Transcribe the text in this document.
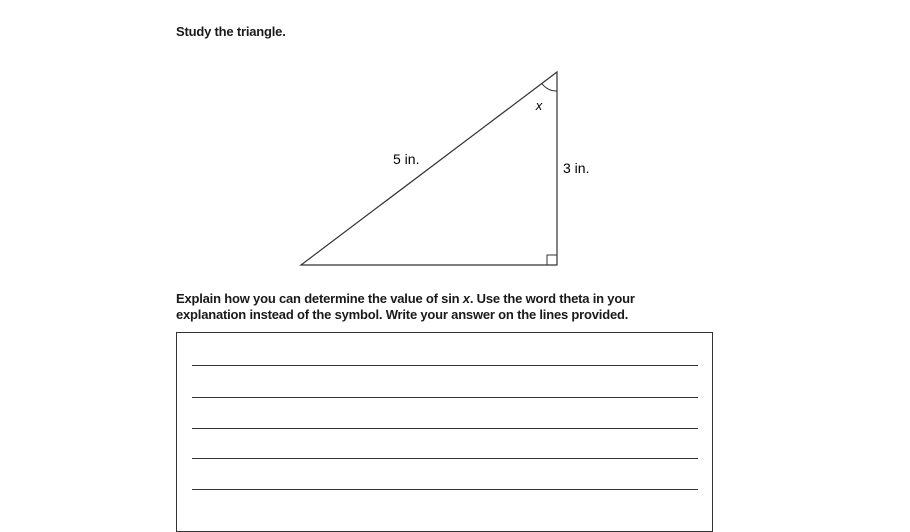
Study the triangle.
x
5 in.
3 in.
Explain how you can determine the value of sin x. Use the word theta in your explanation instead of the symbol. Write your answer on the lines provided.
